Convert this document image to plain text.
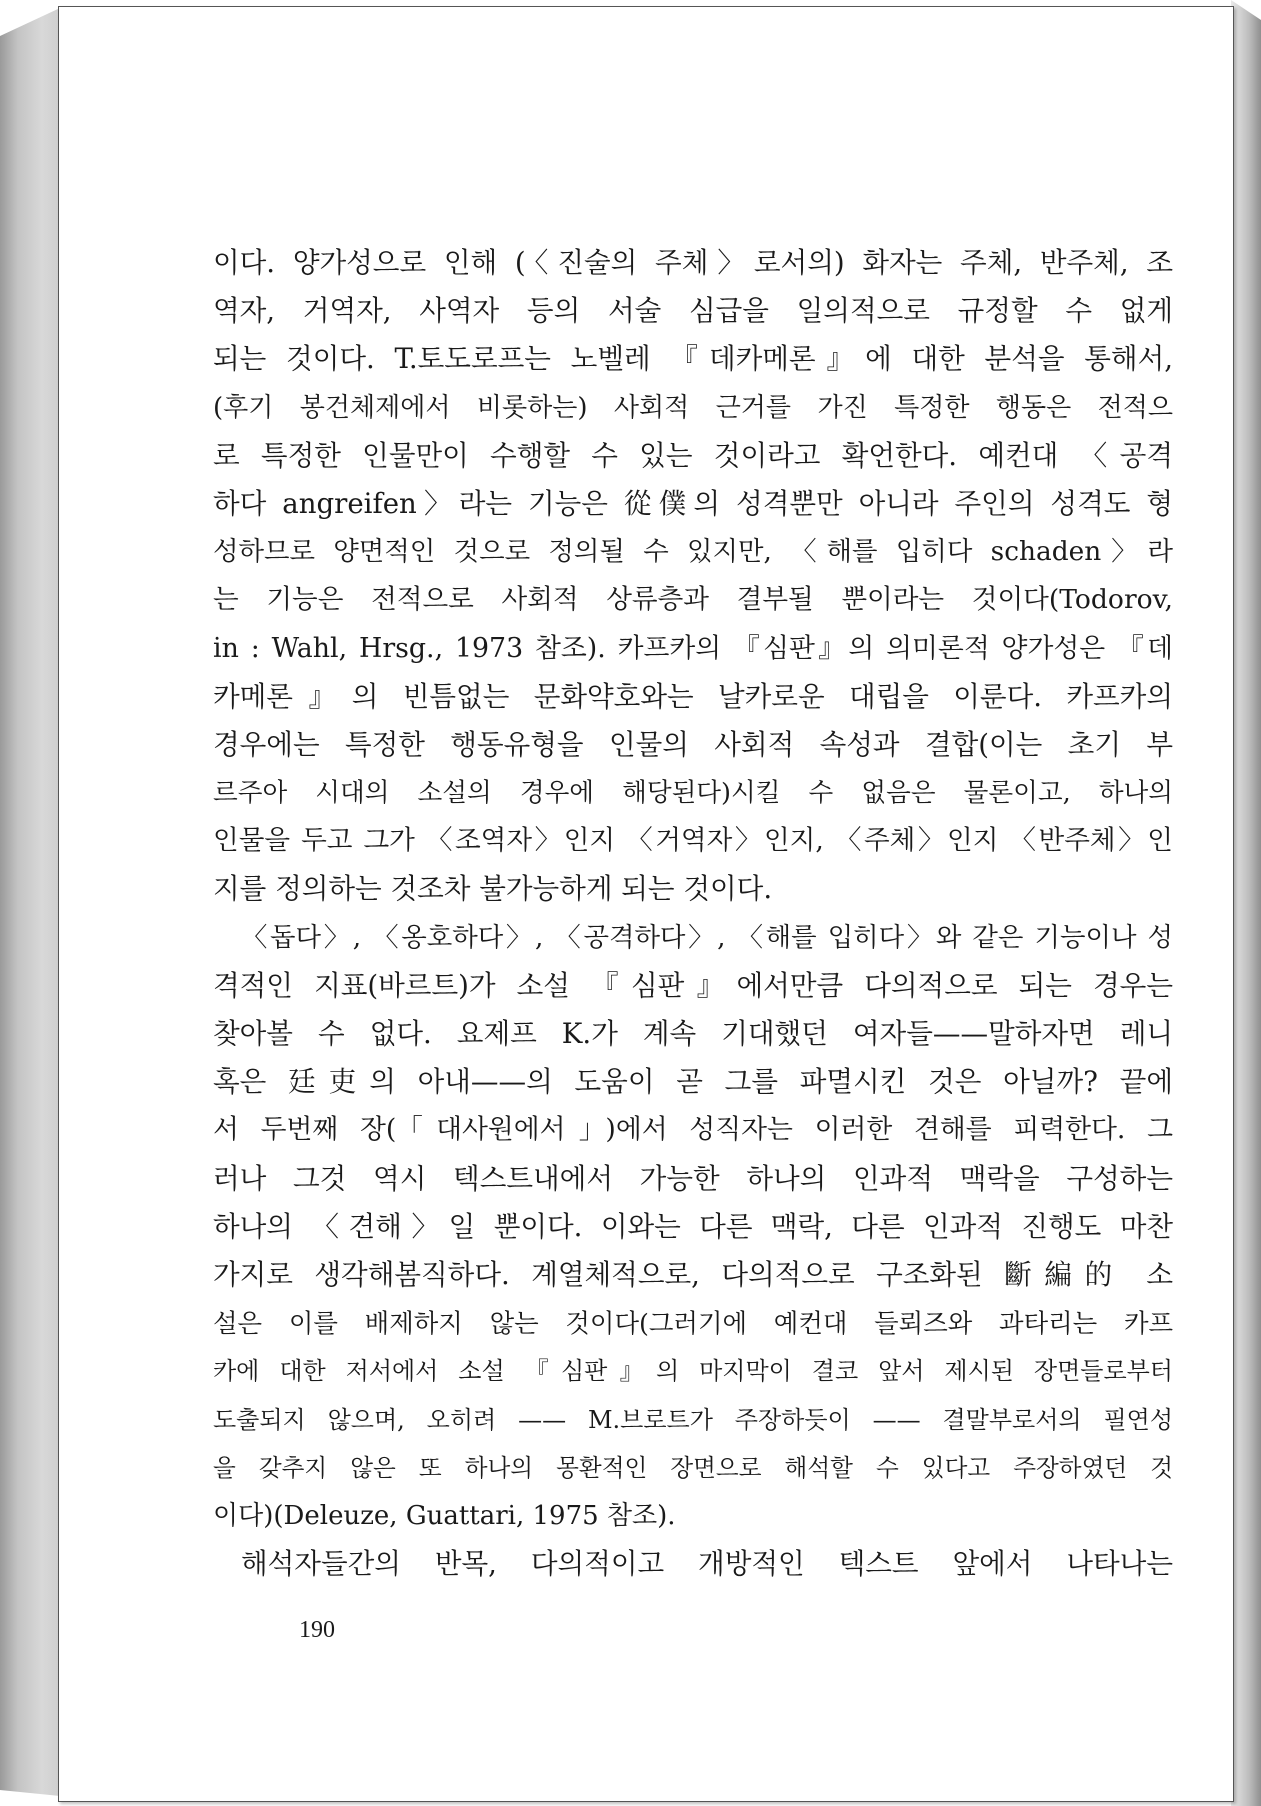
이다. 양가성으로 인해 (〈진술의 주체〉로서의) 화자는 주체, 반주체, 조
역자, 거역자, 사역자 등의 서술 심급을 일의적으로 규정할 수 없게
되는 것이다. T.토도로프는 노벨레 『데카메론』에 대한 분석을 통해서,
(후기 봉건체제에서 비롯하는) 사회적 근거를 가진 특정한 행동은 전적으
로 특정한 인물만이 수행할 수 있는 것이라고 확언한다. 예컨대 〈공격
하다 angreifen〉라는 기능은 從僕의 성격뿐만 아니라 주인의 성격도 형
성하므로 양면적인 것으로 정의될 수 있지만, 〈해를 입히다 schaden〉라
는 기능은 전적으로 사회적 상류층과 결부될 뿐이라는 것이다(Todorov,
in : Wahl, Hrsg., 1973 참조). 카프카의 『심판』의 의미론적 양가성은 『데
카메론』의 빈틈없는 문화약호와는 날카로운 대립을 이룬다. 카프카의
경우에는 특정한 행동유형을 인물의 사회적 속성과 결합(이는 초기 부
르주아 시대의 소설의 경우에 해당된다)시킬 수 없음은 물론이고, 하나의
인물을 두고 그가 〈조역자〉인지 〈거역자〉인지, 〈주체〉인지 〈반주체〉인
지를 정의하는 것조차 불가능하게 되는 것이다.
〈돕다〉, 〈옹호하다〉, 〈공격하다〉, 〈해를 입히다〉와 같은 기능이나 성
격적인 지표(바르트)가 소설 『심판』에서만큼 다의적으로 되는 경우는
찾아볼 수 없다. 요제프 K.가 계속 기대했던 여자들——말하자면 레니
혹은 廷吏의 아내——의 도움이 곧 그를 파멸시킨 것은 아닐까? 끝에
서 두번째 장(「대사원에서」)에서 성직자는 이러한 견해를 피력한다. 그
러나 그것 역시 텍스트내에서 가능한 하나의 인과적 맥락을 구성하는
하나의 〈견해〉일 뿐이다. 이와는 다른 맥락, 다른 인과적 진행도 마찬
가지로 생각해봄직하다. 계열체적으로, 다의적으로 구조화된 斷編的 소
설은 이를 배제하지 않는 것이다(그러기에 예컨대 들뢰즈와 과타리는 카프
카에 대한 저서에서 소설 『심판』의 마지막이 결코 앞서 제시된 장면들로부터
도출되지 않으며, 오히려 —— M.브로트가 주장하듯이 —— 결말부로서의 필연성
을 갖추지 않은 또 하나의 몽환적인 장면으로 해석할 수 있다고 주장하였던 것
이다)(Deleuze, Guattari, 1975 참조).
해석자들간의 반목, 다의적이고 개방적인 텍스트 앞에서 나타나는
190
